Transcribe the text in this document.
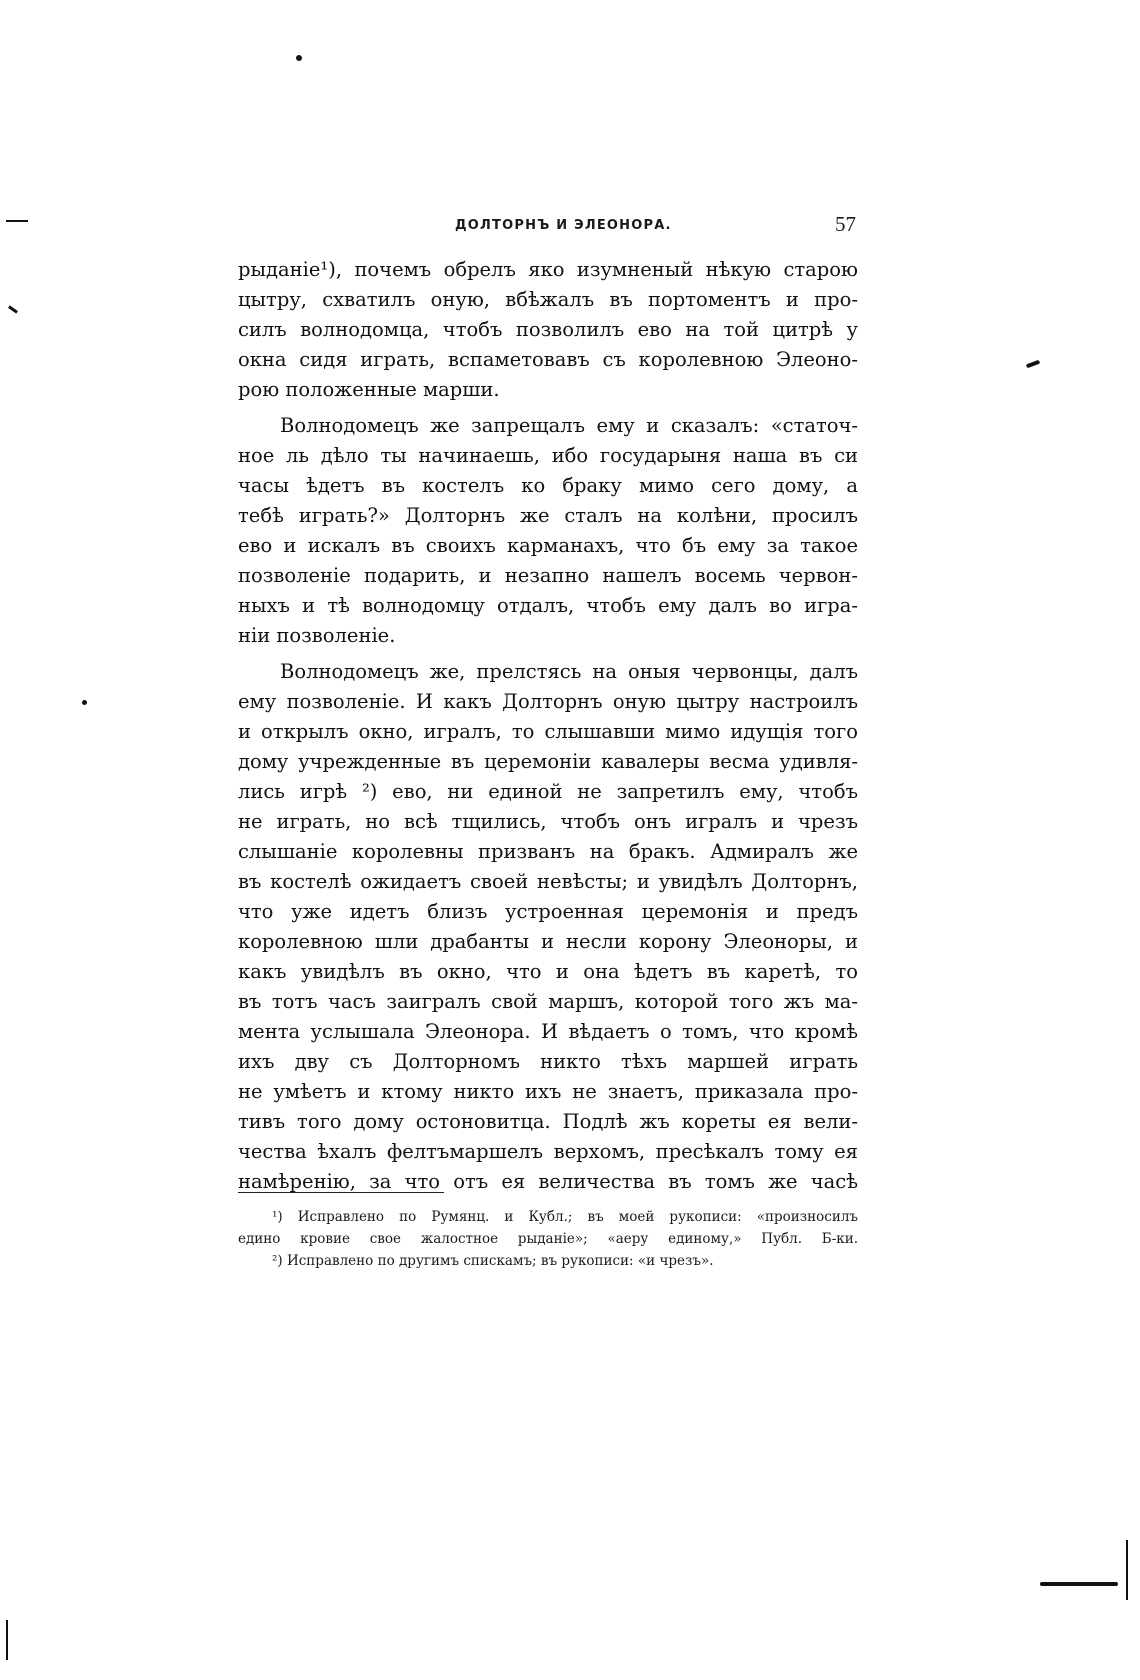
ДОЛТОРНЪ И ЭЛЕОНОРА.	57
рыданіе¹), почемъ обрелъ яко изумненый нѣкую старою
цытру, схватилъ оную, вбѣжалъ въ портоментъ и про-
силъ волнодомца, чтобъ позволилъ ево на той цитрѣ у
окна сидя играть, вспаметовавъ съ королевною Элеоно-
рою положенные марши.
Волнодомецъ же запрещалъ ему и сказалъ: «статоч-
ное ль дѣло ты начинаешь, ибо государыня наша въ си
часы ѣдетъ въ костелъ ко браку мимо сего дому, а
тебѣ играть?» Долторнъ же сталъ на колѣни, просилъ
ево и искалъ въ своихъ карманахъ, что бъ ему за такое
позволеніе подарить, и незапно нашелъ восемь червон-
ныхъ и тѣ волнодомцу отдалъ, чтобъ ему далъ во игра-
ніи позволеніе.
Волнодомецъ же, прелстясь на оныя червонцы, далъ
ему позволеніе. И какъ Долторнъ оную цытру настроилъ
и открылъ окно, игралъ, то слышавши мимо идущія того
дому учрежденные въ церемоніи кавалеры весма удивля-
лись игрѣ ²) ево, ни единой не запретилъ ему, чтобъ
не играть, но всѣ тщились, чтобъ онъ игралъ и чрезъ
слышаніе королевны призванъ на бракъ. Адмиралъ же
въ костелѣ ожидаетъ своей невѣсты; и увидѣлъ Долторнъ,
что уже идетъ близъ устроенная церемонія и предъ
королевною шли драбанты и несли корону Элеоноры, и
какъ увидѣлъ въ окно, что и она ѣдетъ въ каретѣ, то
въ тотъ часъ заигралъ свой маршъ, которой того жъ ма-
мента услышала Элеонора. И вѣдаетъ о томъ, что кромѣ
ихъ дву съ Долторномъ никто тѣхъ маршей играть
не умѣетъ и ктому никто ихъ не знаетъ, приказала про-
тивъ того дому остоновитца. Подлѣ жъ кореты ея вели-
чества ѣхалъ фелтъмаршелъ верхомъ, пресѣкалъ тому ея
намѣренію, за что отъ ея величества въ томъ же часѣ
¹) Исправлено по Румянц. и Кубл.; въ моей рукописи: «произносилъ
едино кровие свое жалостное рыданіе»; «аеру единому,» Публ. Б-ки.
²) Исправлено по другимъ спискамъ; въ рукописи: «и чрезъ».
